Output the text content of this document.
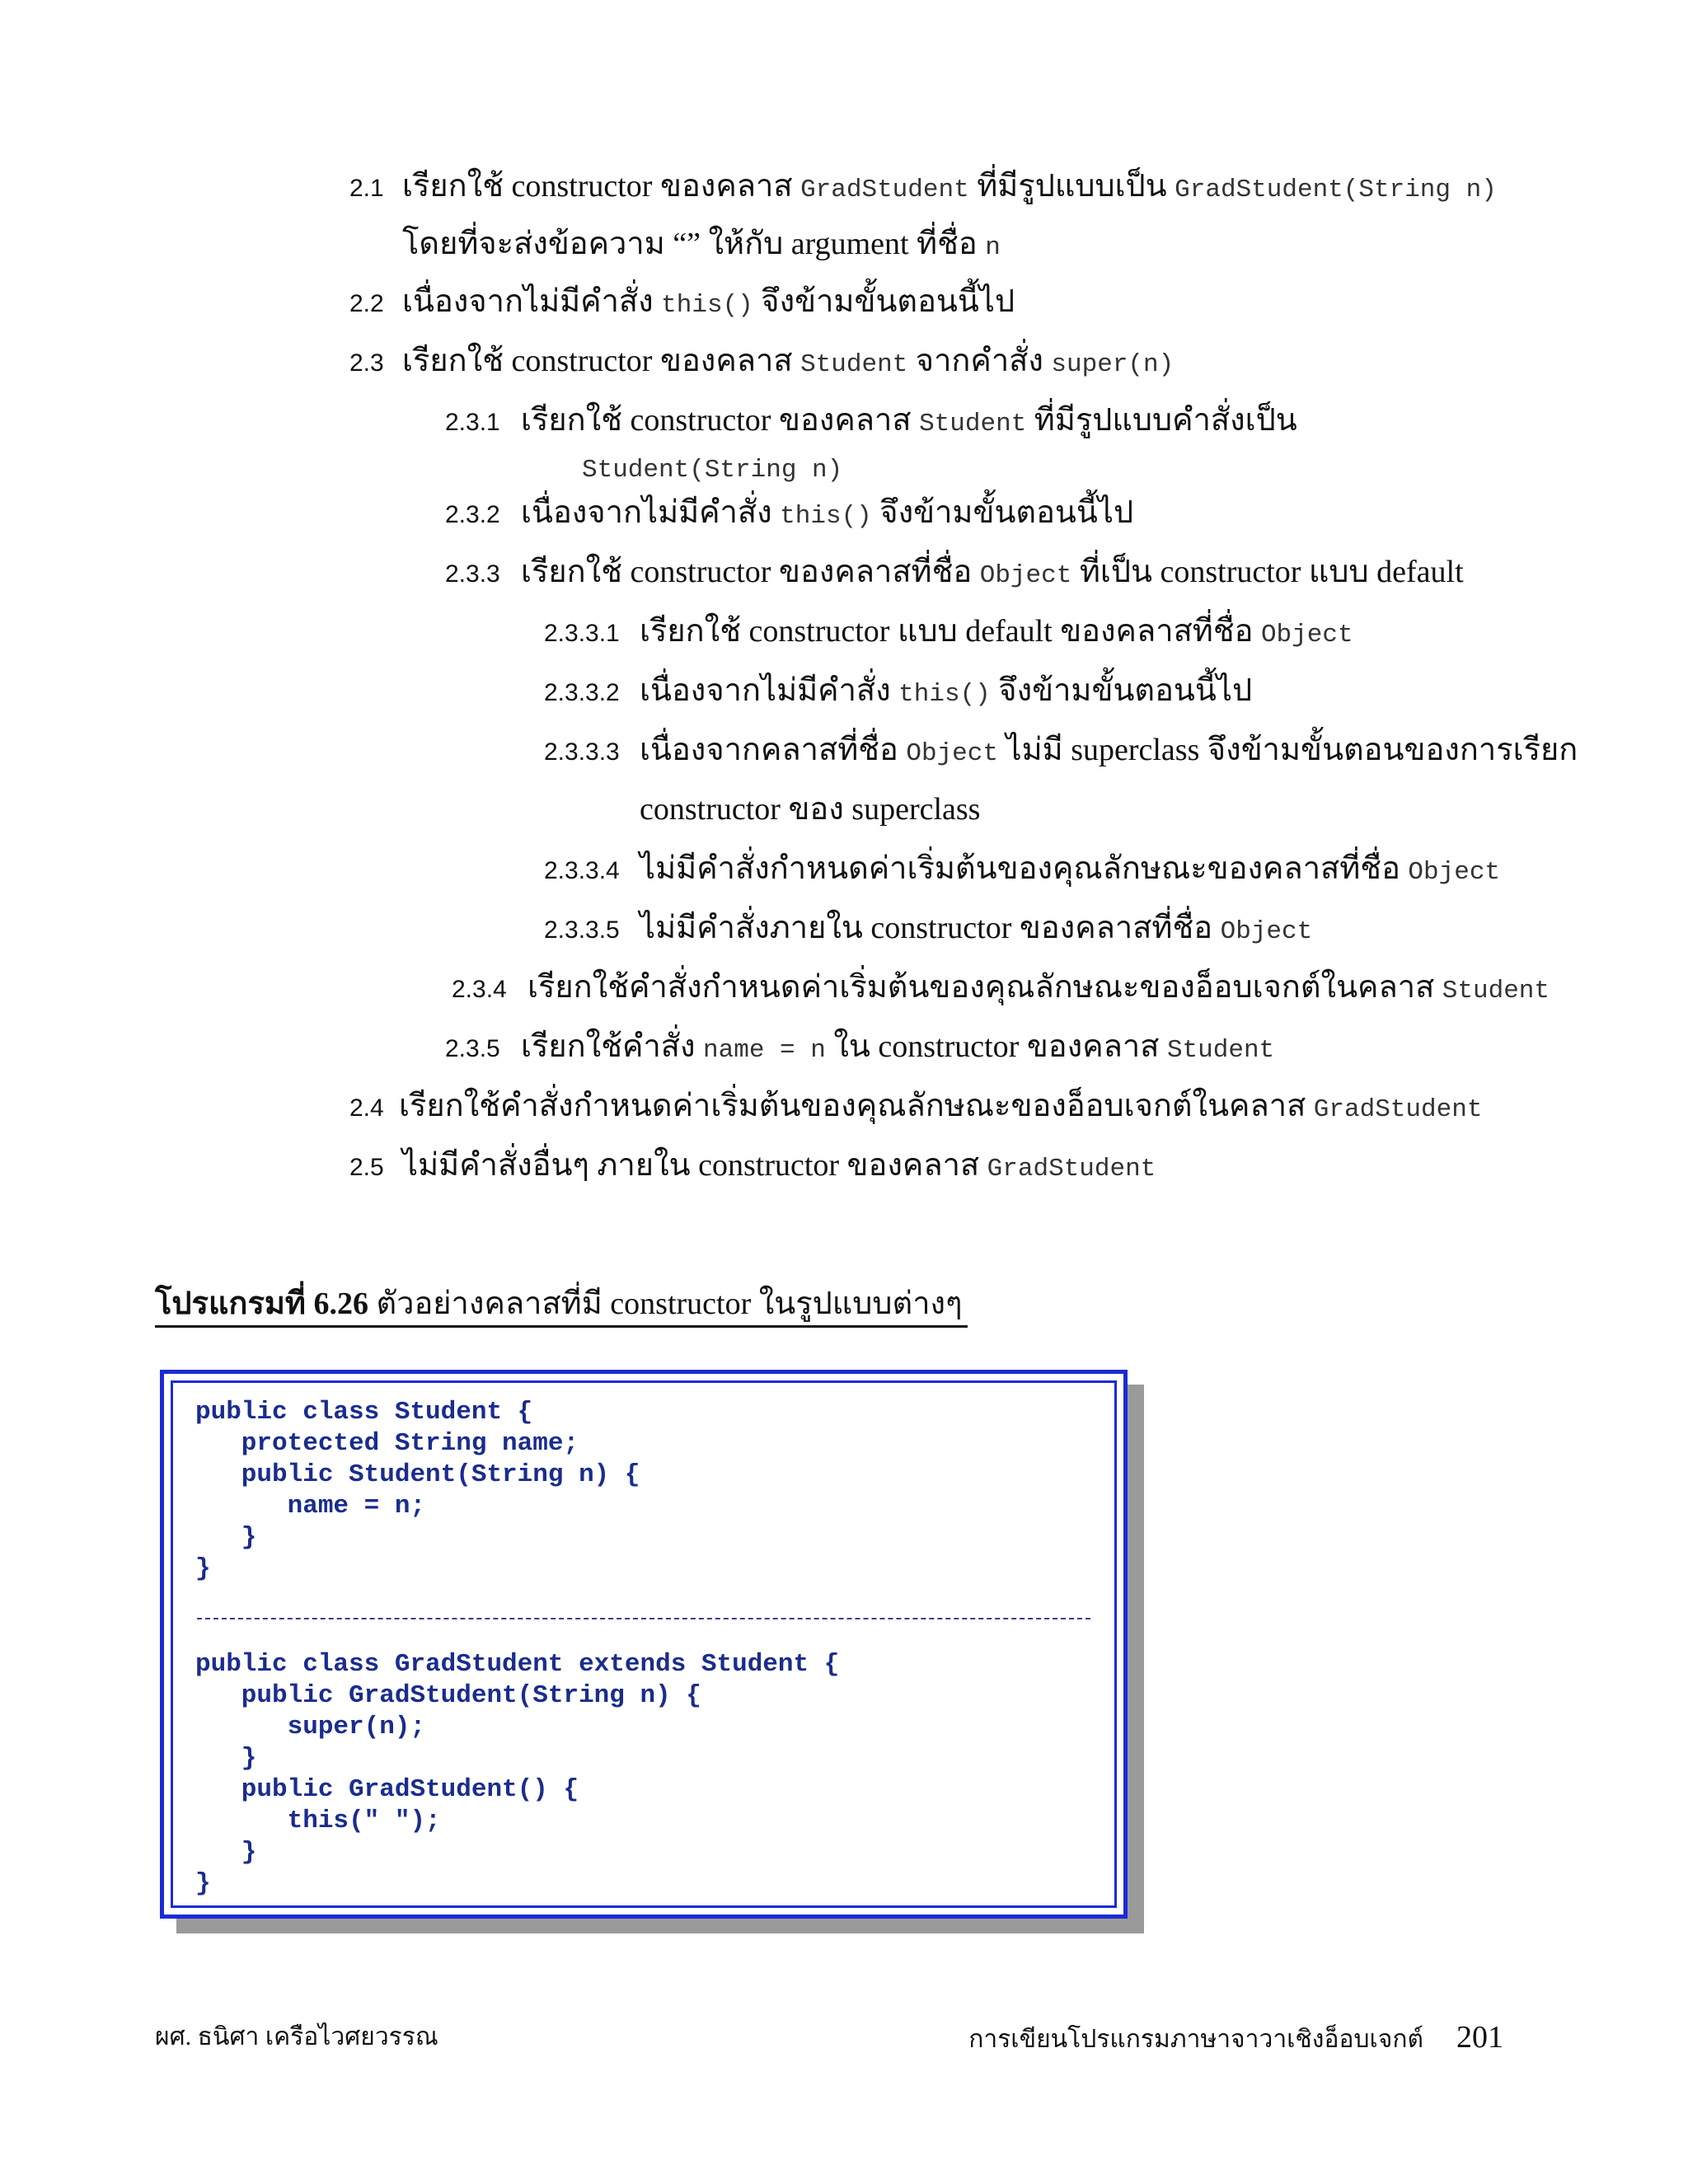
2.1 เรียกใช้ constructor ของคลาส GradStudent ที่มีรูปแบบเป็น GradStudent(String n)
โดยที่จะส่งข้อความ “” ให้กับ argument ที่ชื่อ n
2.2 เนื่องจากไม่มีคำสั่ง this() จึงข้ามขั้นตอนนี้ไป
2.3 เรียกใช้ constructor ของคลาส Student จากคำสั่ง super(n)
2.3.1 เรียกใช้ constructor ของคลาส Student ที่มีรูปแบบคำสั่งเป็น
Student(String n)
2.3.2 เนื่องจากไม่มีคำสั่ง this() จึงข้ามขั้นตอนนี้ไป
2.3.3 เรียกใช้ constructor ของคลาสที่ชื่อ Object ที่เป็น constructor แบบ default
2.3.3.1 เรียกใช้ constructor แบบ default ของคลาสที่ชื่อ Object
2.3.3.2 เนื่องจากไม่มีคำสั่ง this() จึงข้ามขั้นตอนนี้ไป
2.3.3.3 เนื่องจากคลาสที่ชื่อ Object ไม่มี superclass จึงข้ามขั้นตอนของการเรียก
constructor ของ superclass
2.3.3.4 ไม่มีคำสั่งกำหนดค่าเริ่มต้นของคุณลักษณะของคลาสที่ชื่อ Object
2.3.3.5 ไม่มีคำสั่งภายใน constructor ของคลาสที่ชื่อ Object
2.3.4 เรียกใช้คำสั่งกำหนดค่าเริ่มต้นของคุณลักษณะของอ็อบเจกต์ในคลาส Student
2.3.5 เรียกใช้คำสั่ง name = n ใน constructor ของคลาส Student
2.4 เรียกใช้คำสั่งกำหนดค่าเริ่มต้นของคุณลักษณะของอ็อบเจกต์ในคลาส GradStudent
2.5 ไม่มีคำสั่งอื่นๆ ภายใน constructor ของคลาส GradStudent
โปรแกรมที่ 6.26 ตัวอย่างคลาสที่มี constructor ในรูปแบบต่างๆ
public class Student {
protected String name;
public Student(String n) {
name = n;
}
}
public class GradStudent extends Student {
public GradStudent(String n) {
super(n);
}
public GradStudent() {
this(" ");
}
}
ผศ. ธนิศา เครือไวศยวรรณ	การเขียนโปรแกรมภาษาจาวาเชิงอ็อบเจกต์ 201
